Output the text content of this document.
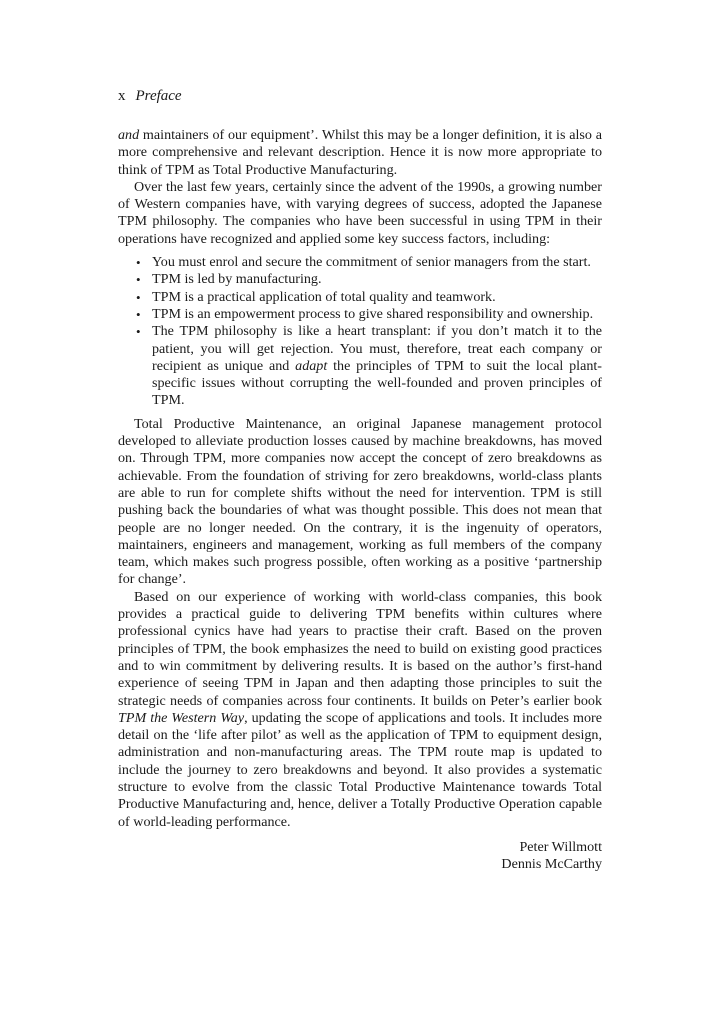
x Preface

and maintainers of our equipment’. Whilst this may be a longer definition, it is also a more comprehensive and relevant description. Hence it is now more appropriate to think of TPM as Total Productive Manufacturing.

Over the last few years, certainly since the advent of the 1990s, a growing number of Western companies have, with varying degrees of success, adopted the Japanese TPM philosophy. The companies who have been successful in using TPM in their operations have recognized and applied some key success factors, including:

• You must enrol and secure the commitment of senior managers from the start.
• TPM is led by manufacturing.
• TPM is a practical application of total quality and teamwork.
• TPM is an empowerment process to give shared responsibility and ownership.
• The TPM philosophy is like a heart transplant: if you don’t match it to the patient, you will get rejection. You must, therefore, treat each company or recipient as unique and adapt the principles of TPM to suit the local plant-specific issues without corrupting the well-founded and proven principles of TPM.

Total Productive Maintenance, an original Japanese management protocol developed to alleviate production losses caused by machine breakdowns, has moved on. Through TPM, more companies now accept the concept of zero breakdowns as achievable. From the foundation of striving for zero breakdowns, world-class plants are able to run for complete shifts without the need for intervention. TPM is still pushing back the boundaries of what was thought possible. This does not mean that people are no longer needed. On the contrary, it is the ingenuity of operators, maintainers, engineers and management, working as full members of the company team, which makes such progress possible, often working as a positive ‘partnership for change’.

Based on our experience of working with world-class companies, this book provides a practical guide to delivering TPM benefits within cultures where professional cynics have had years to practise their craft. Based on the proven principles of TPM, the book emphasizes the need to build on existing good practices and to win commitment by delivering results. It is based on the author’s first-hand experience of seeing TPM in Japan and then adapting those principles to suit the strategic needs of companies across four continents. It builds on Peter’s earlier book TPM the Western Way, updating the scope of applications and tools. It includes more detail on the ‘life after pilot’ as well as the application of TPM to equipment design, administration and non-manufacturing areas. The TPM route map is updated to include the journey to zero breakdowns and beyond. It also provides a systematic structure to evolve from the classic Total Productive Maintenance towards Total Productive Manufacturing and, hence, deliver a Totally Productive Operation capable of world-leading performance.

Peter Willmott
Dennis McCarthy
